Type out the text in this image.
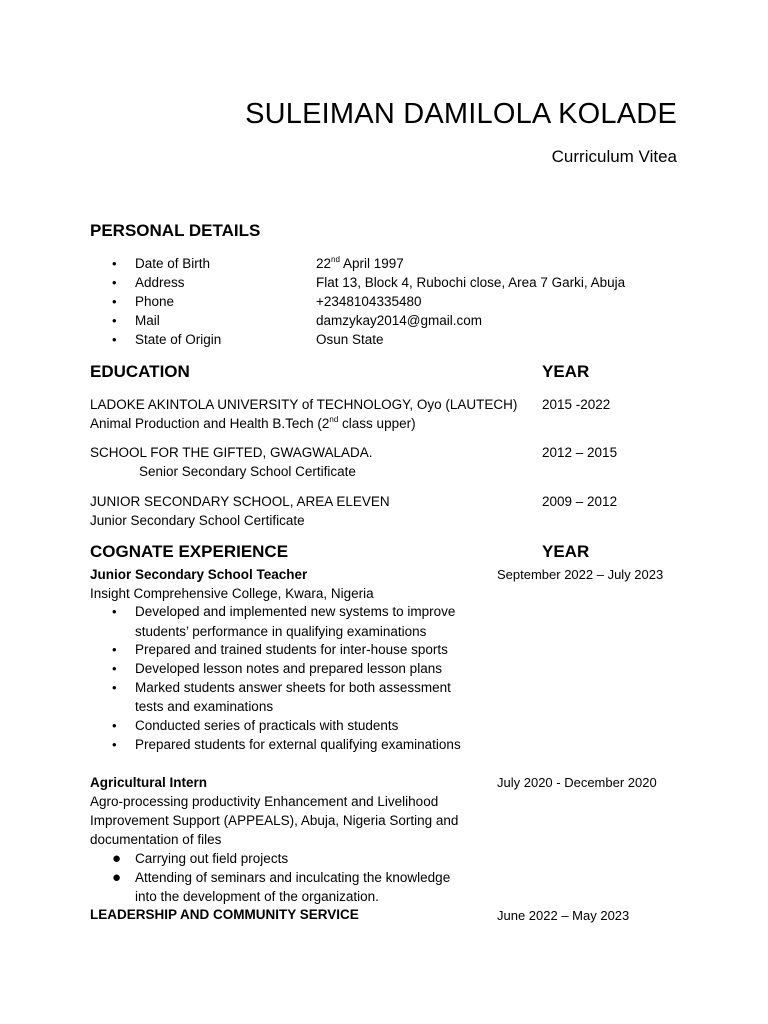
SULEIMAN DAMILOLA KOLADE
Curriculum Vitea
PERSONAL DETAILS
• Date of Birth	22nd April 1997
• Address	Flat 13, Block 4, Rubochi close, Area 7 Garki, Abuja
• Phone	+2348104335480
• Mail	damzykay2014@gmail.com
• State of Origin	Osun State
EDUCATION	YEAR
LADOKE AKINTOLA UNIVERSITY of TECHNOLOGY, Oyo (LAUTECH) 2015 -2022
Animal Production and Health B.Tech (2nd class upper)
SCHOOL FOR THE GIFTED, GWAGWALADA.	2012 – 2015
Senior Secondary School Certificate
JUNIOR SECONDARY SCHOOL, AREA ELEVEN	2009 – 2012
Junior Secondary School Certificate
COGNATE EXPERIENCE	YEAR
Junior Secondary School Teacher	September 2022 – July 2023
Insight Comprehensive College, Kwara, Nigeria
• Developed and implemented new systems to improve
students’ performance in qualifying examinations
• Prepared and trained students for inter-house sports
• Developed lesson notes and prepared lesson plans
• Marked students answer sheets for both assessment
tests and examinations
• Conducted series of practicals with students
• Prepared students for external qualifying examinations
Agricultural Intern	July 2020 - December 2020
Agro-processing productivity Enhancement and Livelihood
Improvement Support (APPEALS), Abuja, Nigeria Sorting and
documentation of files
● Carrying out field projects
● Attending of seminars and inculcating the knowledge
into the development of the organization.
LEADERSHIP AND COMMUNITY SERVICE	June 2022 – May 2023
